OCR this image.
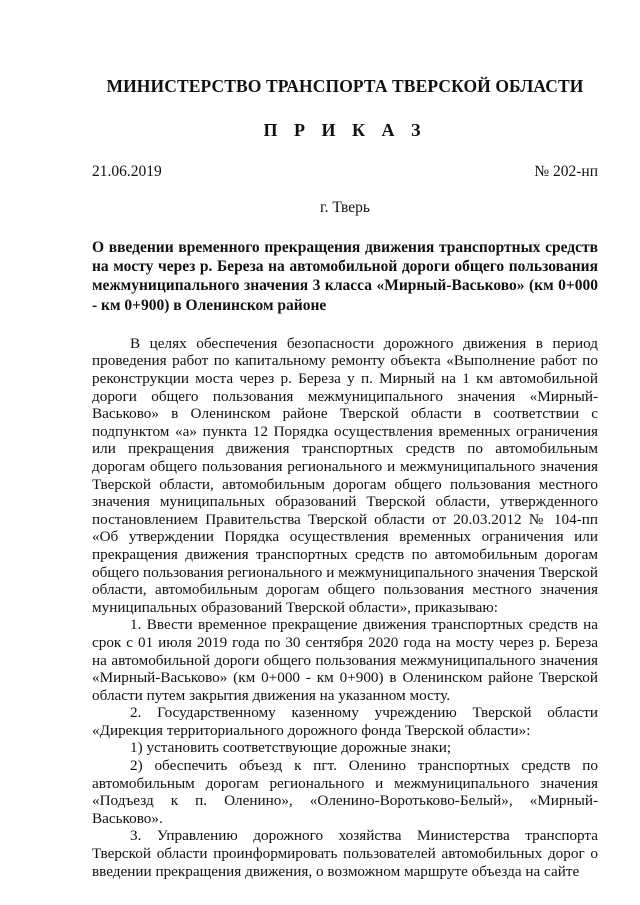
МИНИСТЕРСТВО ТРАНСПОРТА ТВЕРСКОЙ ОБЛАСТИ
П Р И К А З
21.06.2019	№ 202-нп
г. Тверь
О введении временного прекращения движения транспортных средств на мосту через р. Береза на автомобильной дороги общего пользования межмуниципального значения 3 класса «Мирный-Васьково» (км 0+000 - км 0+900) в Оленинском районе

В целях обеспечения безопасности дорожного движения в период проведения работ по капитальному ремонту объекта «Выполнение работ по реконструкции моста через р. Береза у п. Мирный на 1 км автомобильной дороги общего пользования межмуниципального значения «Мирный-Васьково» в Оленинском районе Тверской области в соответствии с подпунктом «а» пункта 12 Порядка осуществления временных ограничения или прекращения движения транспортных средств по автомобильным дорогам общего пользования регионального и межмуниципального значения Тверской области, автомобильным дорогам общего пользования местного значения муниципальных образований Тверской области, утвержденного постановлением Правительства Тверской области от 20.03.2012 № 104-пп «Об утверждении Порядка осуществления временных ограничения или прекращения движения транспортных средств по автомобильным дорогам общего пользования регионального и межмуниципального значения Тверской области, автомобильным дорогам общего пользования местного значения муниципальных образований Тверской области», приказываю:

1. Ввести временное прекращение движения транспортных средств на срок с 01 июля 2019 года по 30 сентября 2020 года на мосту через р. Береза на автомобильной дороги общего пользования межмуниципального значения «Мирный-Васьково» (км 0+000 - км 0+900) в Оленинском районе Тверской области путем закрытия движения на указанном мосту.

2. Государственному казенному учреждению Тверской области «Дирекция территориального дорожного фонда Тверской области»:

1) установить соответствующие дорожные знаки;

2) обеспечить объезд к пгт. Оленино транспортных средств по автомобильным дорогам регионального и межмуниципального значения «Подъезд к п. Оленино», «Оленино-Воротьково-Белый», «Мирный-Васьково».

3. Управлению дорожного хозяйства Министерства транспорта Тверской области проинформировать пользователей автомобильных дорог о введении прекращения движения, о возможном маршруте объезда на сайте
